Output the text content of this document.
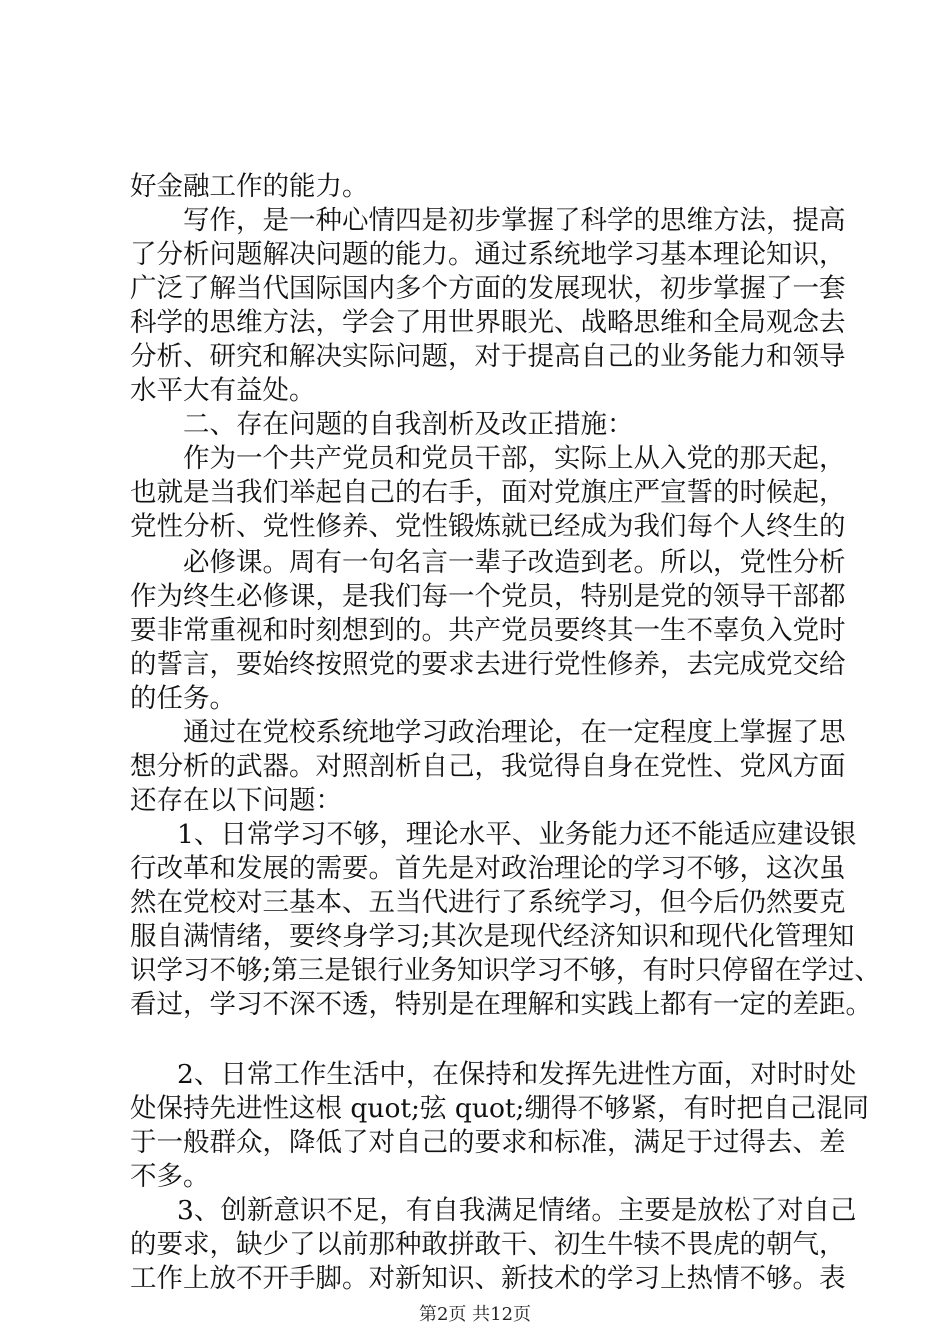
好金融工作的能力。
写作，是一种心情四是初步掌握了科学的思维方法，提高
了分析问题解决问题的能力。通过系统地学习基本理论知识，
广泛了解当代国际国内多个方面的发展现状，初步掌握了一套
科学的思维方法，学会了用世界眼光、战略思维和全局观念去
分析、研究和解决实际问题，对于提高自己的业务能力和领导
水平大有益处。
二、存在问题的自我剖析及改正措施：
作为一个共产党员和党员干部，实际上从入党的那天起，
也就是当我们举起自己的右手，面对党旗庄严宣誓的时候起，
党性分析、党性修养、党性锻炼就已经成为我们每个人终生的
必修课。周有一句名言一辈子改造到老。所以，党性分析
作为终生必修课，是我们每一个党员，特别是党的领导干部都
要非常重视和时刻想到的。共产党员要终其一生不辜负入党时
的誓言，要始终按照党的要求去进行党性修养，去完成党交给
的任务。
通过在党校系统地学习政治理论，在一定程度上掌握了思
想分析的武器。对照剖析自己，我觉得自身在党性、党风方面
还存在以下问题：
1、日常学习不够，理论水平、业务能力还不能适应建设银
行改革和发展的需要。首先是对政治理论的学习不够，这次虽
然在党校对三基本、五当代进行了系统学习，但今后仍然要克
服自满情绪，要终身学习;其次是现代经济知识和现代化管理知
识学习不够;第三是银行业务知识学习不够，有时只停留在学过、
看过，学习不深不透，特别是在理解和实践上都有一定的差距。
2、日常工作生活中，在保持和发挥先进性方面，对时时处
处保持先进性这根 quot;弦 quot;绷得不够紧，有时把自己混同
于一般群众，降低了对自己的要求和标准，满足于过得去、差
不多。
3、创新意识不足，有自我满足情绪。主要是放松了对自己
的要求，缺少了以前那种敢拼敢干、初生牛犊不畏虎的朝气，
工作上放不开手脚。对新知识、新技术的学习上热情不够。表
第2页 共12页
